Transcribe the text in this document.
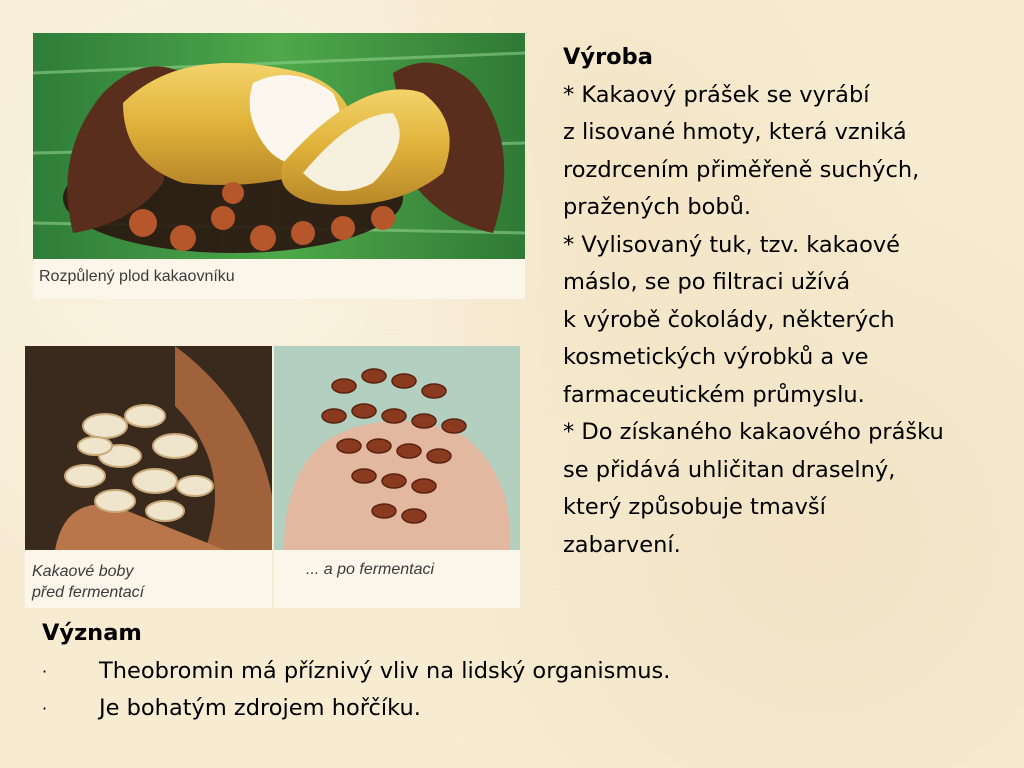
Rozpůlený plod kakaovníku
Kakaové boby
před fermentací
... a po fermentaci

Výroba

* Kakaový prášek se vyrábí

z lisované hmoty, která vzniká

rozdrcením přiměřeně suchých,

pražených bobů.

* Vylisovaný tuk, tzv. kakaové

máslo, se po filtraci užívá

k výrobě čokolády, některých

kosmetických výrobků a ve

farmaceutickém průmyslu.

* Do získaného kakaového prášku

se přidává uhličitan draselný,

který způsobuje tmavší

zabarvení.

Význam
· Theobromin má příznivý vliv na lidský organismus.
· Je bohatým zdrojem hořčíku.
